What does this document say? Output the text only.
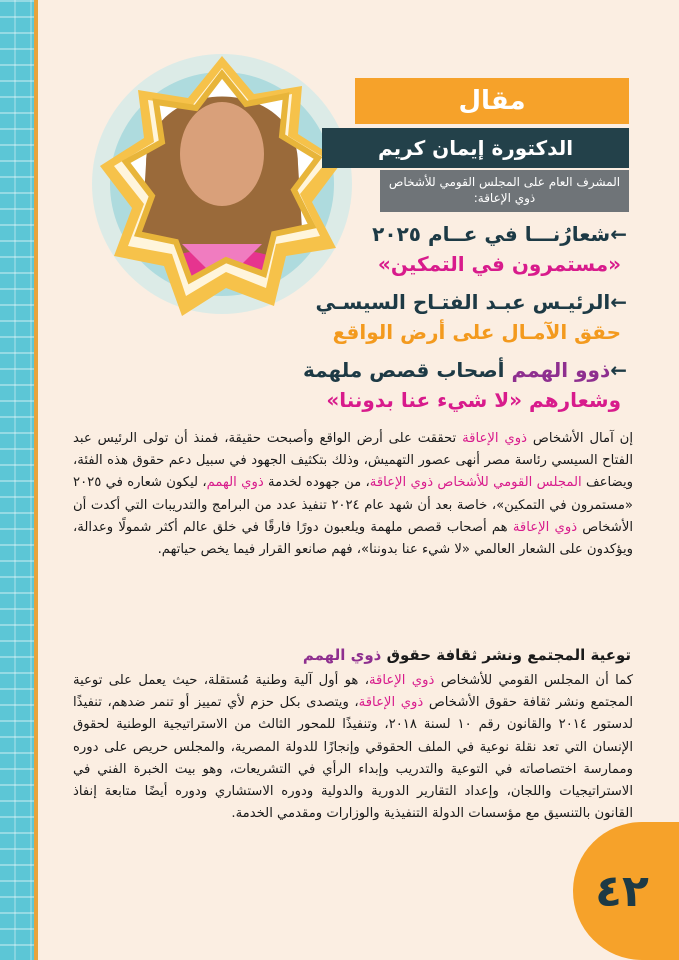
مقال
الدكتورة إيمان كريم
المشرف العام على المجلس القومي للأشخاص ذوي الإعاقة:
←شعارُنـــا في عــام ٢٠٢٥
«مستمرون في التمكين»
←الرئيـس عبـد الفتـاح السيسـي
حقق الآمـال على أرض الواقع
←ذوو الهمم أصحاب قصص ملهمة
وشعارهم «لا شيء عنا بدوننا»
إن آمال الأشخاص ذوي الإعاقة تحققت على أرض الواقع وأصبحت حقيقة، فمنذ أن تولى الرئيس عبد الفتاح السيسي رئاسة مصر أنهى عصور التهميش، وذلك بتكثيف الجهود في سبيل دعم حقوق هذه الفئة، ويضاعف المجلس القومي للأشخاص ذوي الإعاقة، من جهوده لخدمة ذوي الهمم، ليكون شعاره في ٢٠٢٥ «مستمرون في التمكين»، خاصة بعد أن شهد عام ٢٠٢٤ تنفيذ عدد من البرامج والتدريبات التي أكدت أن الأشخاص ذوي الإعاقة هم أصحاب قصص ملهمة ويلعبون دورًا فارقًا في خلق عالم أكثر شمولًا وعدالة، ويؤكدون على الشعار العالمي «لا شيء عنا بدوننا»، فهم صانعو القرار فيما يخص حياتهم.
توعية المجتمع ونشر ثقافة حقوق ذوي الهمم
كما أن المجلس القومي للأشخاص ذوي الإعاقة، هو أول آلية وطنية مُستقلة، حيث يعمل على توعية المجتمع ونشر ثقافة حقوق الأشخاص ذوي الإعاقة، ويتصدى بكل حزم لأي تمييز أو تنمر ضدهم، تنفيذًا لدستور ٢٠١٤ والقانون رقم ١٠ لسنة ٢٠١٨، وتنفيذًا للمحور الثالث من الاستراتيجية الوطنية لحقوق الإنسان التي تعد نقلة نوعية في الملف الحقوقي وإنجازًا للدولة المصرية، والمجلس حريص على دوره وممارسة اختصاصاته في التوعية والتدريب وإبداء الرأي في التشريعات، وهو بيت الخبرة الفني في الاستراتيجيات واللجان، وإعداد التقارير الدورية والدولية ودوره الاستشاري ودوره أيضًا متابعة إنفاذ القانون بالتنسيق مع مؤسسات الدولة التنفيذية والوزارات ومقدمي الخدمة.
٤٢
